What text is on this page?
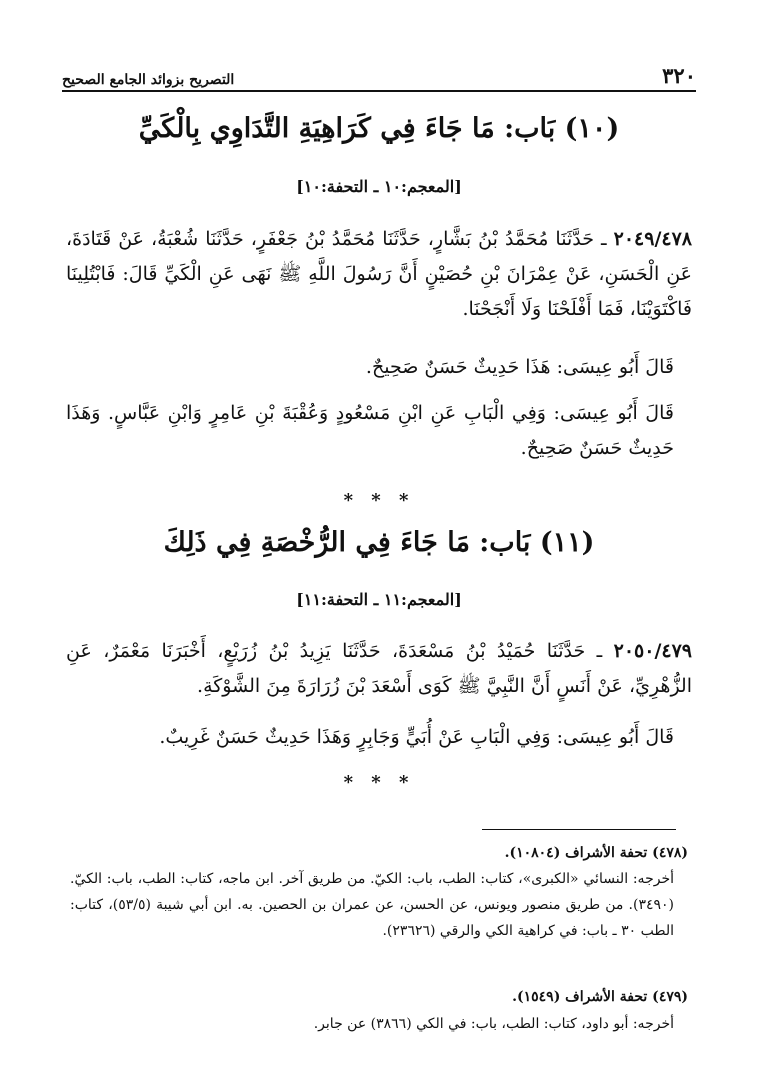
٣٢٠
التصريح بزوائد الجامع الصحيح
(١٠) بَاب: مَا جَاءَ فِي كَرَاهِيَةِ التَّدَاوِي بِالْكَيِّ
[المعجم:١٠ ـ التحفة:١٠]
٢٠٤٩/٤٧٨ ـ حَدَّثَنَا مُحَمَّدُ بْنُ بَشَّارٍ، حَدَّثَنَا مُحَمَّدُ بْنُ جَعْفَرٍ، حَدَّثَنَا شُعْبَةُ، عَنْ قَتَادَةَ، عَنِ الْحَسَنِ، عَنْ عِمْرَانَ بْنِ حُصَيْنٍ أَنَّ رَسُولَ اللَّهِ ﷺ نَهَى عَنِ الْكَيِّ قَالَ: فَابْتُلِينَا فَاكْتَوَيْنَا، فَمَا أَفْلَحْنَا وَلَا أَنْجَحْنَا.
قَالَ أَبُو عِيسَى: هَذَا حَدِيثٌ حَسَنٌ صَحِيحٌ.
قَالَ أَبُو عِيسَى: وَفِي الْبَابِ عَنِ ابْنِ مَسْعُودٍ وَعُقْبَةَ بْنِ عَامِرٍ وَابْنِ عَبَّاسٍ. وَهَذَا حَدِيثٌ حَسَنٌ صَحِيحٌ.
* * *
(١١) بَاب: مَا جَاءَ فِي الرُّخْصَةِ فِي ذَلِكَ
[المعجم:١١ ـ التحفة:١١]
٢٠٥٠/٤٧٩ ـ حَدَّثَنَا حُمَيْدُ بْنُ مَسْعَدَةَ، حَدَّثَنَا يَزِيدُ بْنُ زُرَيْعٍ، أَخْبَرَنَا مَعْمَرٌ، عَنِ الزُّهْرِيِّ، عَنْ أَنَسٍ أَنَّ النَّبِيَّ ﷺ كَوَى أَسْعَدَ بْنَ زُرَارَةَ مِنَ الشَّوْكَةِ.
قَالَ أَبُو عِيسَى: وَفِي الْبَابِ عَنْ أُبَيٍّ وَجَابِرٍ وَهَذَا حَدِيثٌ حَسَنٌ غَرِيبٌ.
* * *
(٤٧٨) تحفة الأشراف (١٠٨٠٤).
أخرجه: النسائي «الكبرى»، كتاب: الطب، باب: الكيّ. من طريق آخر. ابن ماجه، كتاب: الطب، باب: الكيّ. (٣٤٩٠). من طريق منصور ويونس، عن الحسن، عن عمران بن الحصين. به. ابن أبي شيبة (٥٣/٥)، كتاب: الطب ٣٠ ـ باب: في كراهية الكي والرقي (٢٣٦٢٦).
(٤٧٩) تحفة الأشراف (١٥٤٩).
أخرجه: أبو داود، كتاب: الطب، باب: في الكي (٣٨٦٦) عن جابر.
